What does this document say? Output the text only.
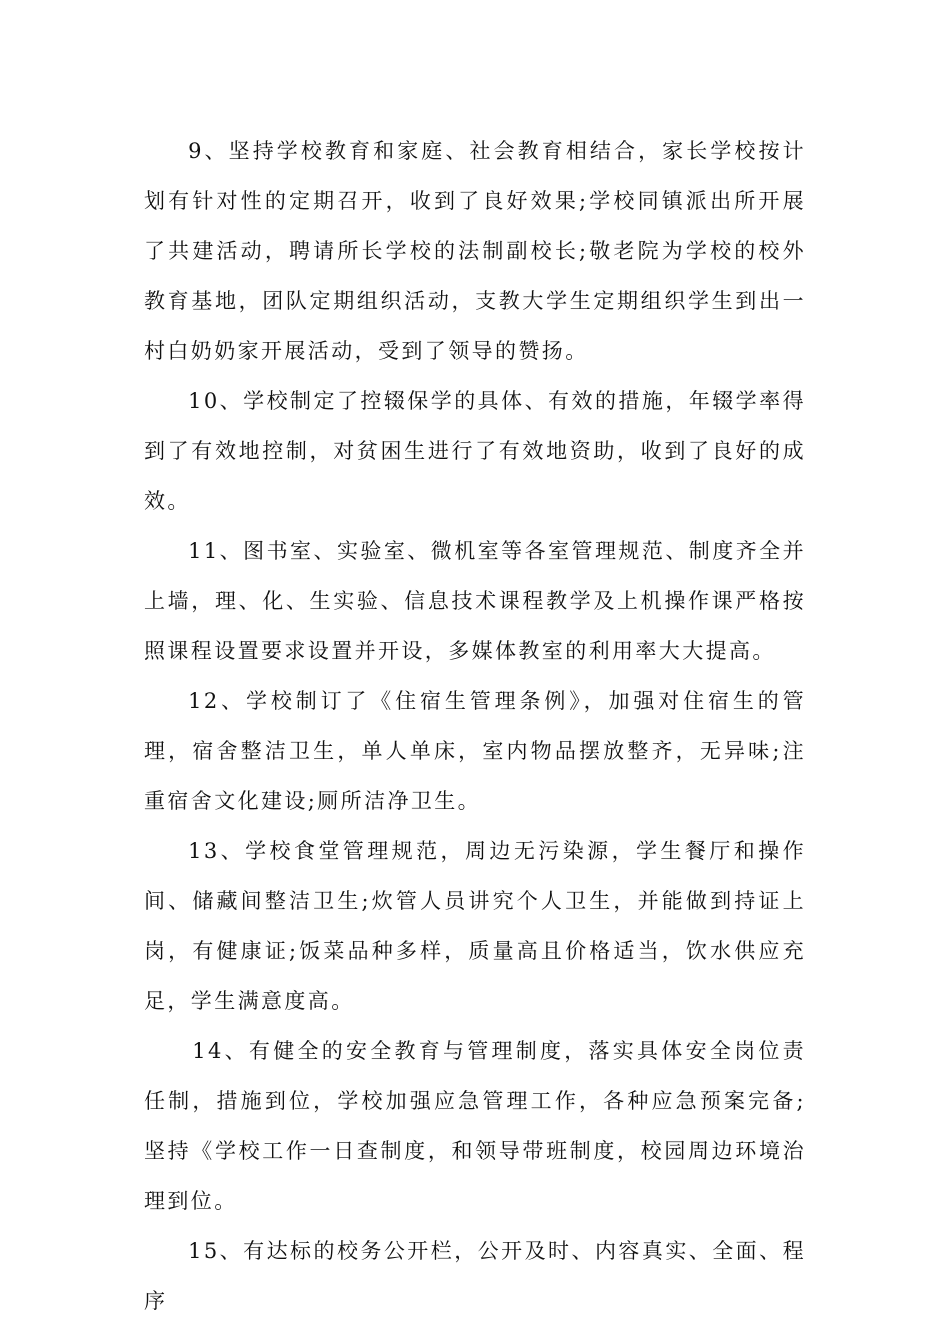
9、坚持学校教育和家庭、社会教育相结合，家长学校按计划有针对性的定期召开，收到了良好效果;学校同镇派出所开展了共建活动，聘请所长学校的法制副校长;敬老院为学校的校外教育基地，团队定期组织活动，支教大学生定期组织学生到出一村白奶奶家开展活动，受到了领导的赞扬。

10、学校制定了控辍保学的具体、有效的措施，年辍学率得到了有效地控制，对贫困生进行了有效地资助，收到了良好的成效。

11、图书室、实验室、微机室等各室管理规范、制度齐全并上墙，理、化、生实验、信息技术课程教学及上机操作课严格按照课程设置要求设置并开设，多媒体教室的利用率大大提高。

12、学校制订了《住宿生管理条例》，加强对住宿生的管理，宿舍整洁卫生，单人单床，室内物品摆放整齐，无异味;注重宿舍文化建设;厕所洁净卫生。

13、学校食堂管理规范，周边无污染源，学生餐厅和操作间、储藏间整洁卫生;炊管人员讲究个人卫生，并能做到持证上岗，有健康证;饭菜品种多样，质量高且价格适当，饮水供应充足，学生满意度高。

14、有健全的安全教育与管理制度，落实具体安全岗位责任制，措施到位，学校加强应急管理工作，各种应急预案完备;坚持《学校工作一日查制度，和领导带班制度，校园周边环境治理到位。

15、有达标的校务公开栏，公开及时、内容真实、全面、程序
